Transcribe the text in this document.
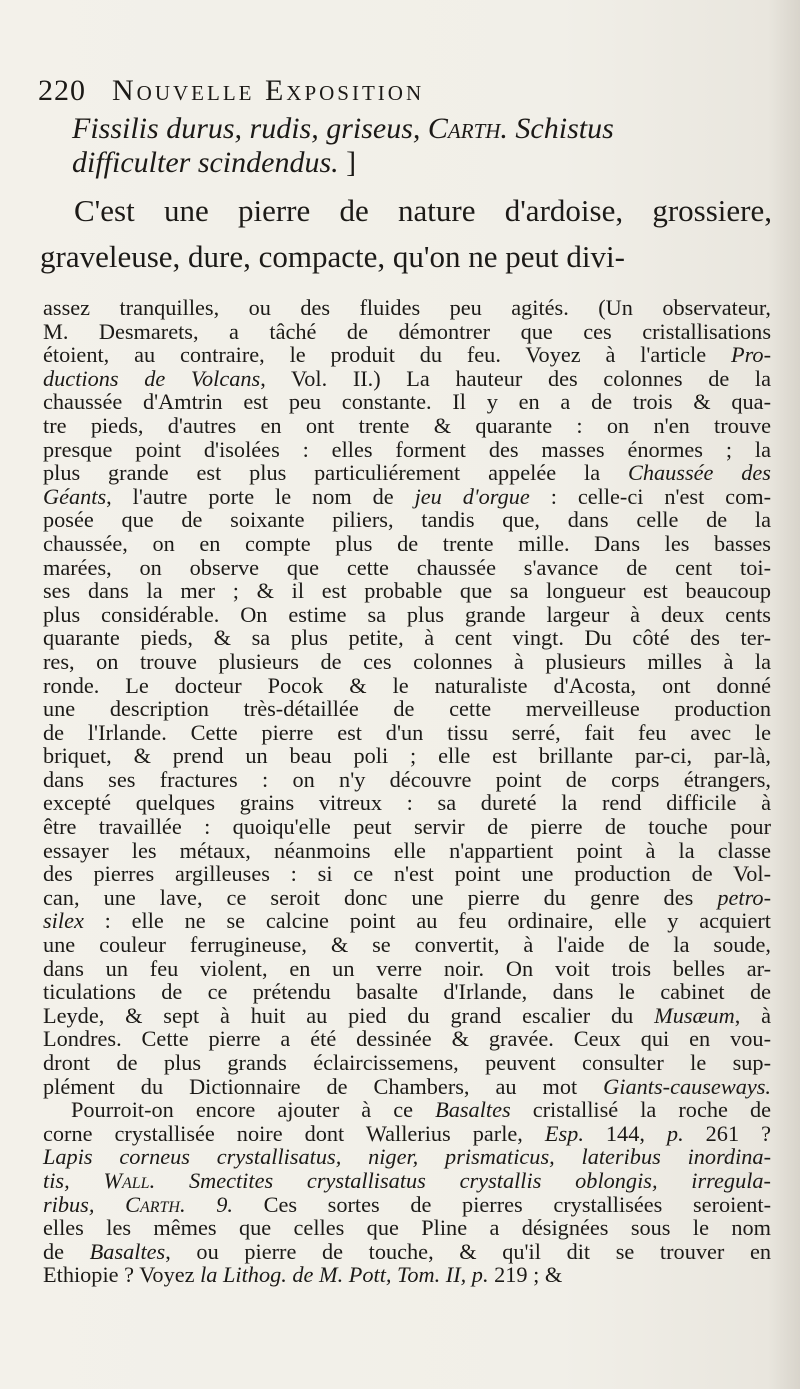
220 Nouvelle Exposition
Fissilis durus, rudis, griseus, Carth. Schistus
difficulter scindendus. ]
C'est une pierre de nature d'ardoise, grossiere, graveleuse, dure, compacte, qu'on ne peut divi-
assez tranquilles, ou des fluides peu agités. (Un observateur,
M. Desmarets, a tâché de démontrer que ces cristallisations
étoient, au contraire, le produit du feu. Voyez à l'article Pro-
ductions de Volcans, Vol. II.) La hauteur des colonnes de la
chaussée d'Amtrin est peu constante. Il y en a de trois & qua-
tre pieds, d'autres en ont trente & quarante : on n'en trouve
presque point d'isolées : elles forment des masses énormes ; la
plus grande est plus particuliérement appelée la Chaussée des
Géants, l'autre porte le nom de jeu d'orgue : celle-ci n'est com-
posée que de soixante piliers, tandis que, dans celle de la
chaussée, on en compte plus de trente mille. Dans les basses
marées, on observe que cette chaussée s'avance de cent toi-
ses dans la mer ; & il est probable que sa longueur est beaucoup
plus considérable. On estime sa plus grande largeur à deux cents
quarante pieds, & sa plus petite, à cent vingt. Du côté des ter-
res, on trouve plusieurs de ces colonnes à plusieurs milles à la
ronde. Le docteur Pocok & le naturaliste d'Acosta, ont donné
une description très-détaillée de cette merveilleuse production
de l'Irlande. Cette pierre est d'un tissu serré, fait feu avec le
briquet, & prend un beau poli ; elle est brillante par-ci, par-là,
dans ses fractures : on n'y découvre point de corps étrangers,
excepté quelques grains vitreux : sa dureté la rend difficile à
être travaillée : quoiqu'elle peut servir de pierre de touche pour
essayer les métaux, néanmoins elle n'appartient point à la classe
des pierres argilleuses : si ce n'est point une production de Vol-
can, une lave, ce seroit donc une pierre du genre des petro-
silex : elle ne se calcine point au feu ordinaire, elle y acquiert
une couleur ferrugineuse, & se convertit, à l'aide de la soude,
dans un feu violent, en un verre noir. On voit trois belles ar-
ticulations de ce prétendu basalte d'Irlande, dans le cabinet de
Leyde, & sept à huit au pied du grand escalier du Musæum, à
Londres. Cette pierre a été dessinée & gravée. Ceux qui en vou-
dront de plus grands éclaircissemens, peuvent consulter le sup-
plément du Dictionnaire de Chambers, au mot Giants-causeways.
Pourroit-on encore ajouter à ce Basaltes cristallisé la roche de
corne crystallisée noire dont Wallerius parle, Esp. 144, p. 261 ?
Lapis corneus crystallisatus, niger, prismaticus, lateribus inordina-
tis, Wall. Smectites crystallisatus crystallis oblongis, irregula-
ribus, Carth. 9. Ces sortes de pierres crystallisées seroient-
elles les mêmes que celles que Pline a désignées sous le nom
de Basaltes, ou pierre de touche, & qu'il dit se trouver en
Ethiopie ? Voyez la Lithog. de M. Pott, Tom. II, p. 219 ; &
